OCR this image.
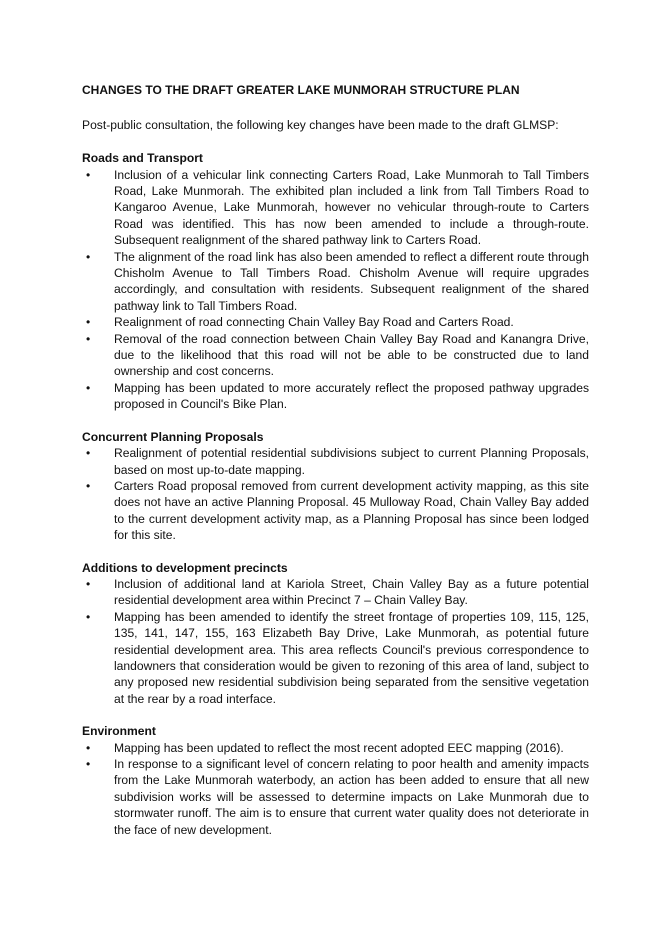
CHANGES TO THE DRAFT GREATER LAKE MUNMORAH STRUCTURE PLAN

Post-public consultation, the following key changes have been made to the draft GLMSP:

Roads and Transport
• Inclusion of a vehicular link connecting Carters Road, Lake Munmorah to Tall Timbers Road, Lake Munmorah. The exhibited plan included a link from Tall Timbers Road to Kangaroo Avenue, Lake Munmorah, however no vehicular through-route to Carters Road was identified. This has now been amended to include a through-route. Subsequent realignment of the shared pathway link to Carters Road.
• The alignment of the road link has also been amended to reflect a different route through Chisholm Avenue to Tall Timbers Road. Chisholm Avenue will require upgrades accordingly, and consultation with residents. Subsequent realignment of the shared pathway link to Tall Timbers Road.
• Realignment of road connecting Chain Valley Bay Road and Carters Road.
• Removal of the road connection between Chain Valley Bay Road and Kanangra Drive, due to the likelihood that this road will not be able to be constructed due to land ownership and cost concerns.
• Mapping has been updated to more accurately reflect the proposed pathway upgrades proposed in Council's Bike Plan.
Concurrent Planning Proposals
• Realignment of potential residential subdivisions subject to current Planning Proposals, based on most up-to-date mapping.
• Carters Road proposal removed from current development activity mapping, as this site does not have an active Planning Proposal. 45 Mulloway Road, Chain Valley Bay added to the current development activity map, as a Planning Proposal has since been lodged for this site.
Additions to development precincts
• Inclusion of additional land at Kariola Street, Chain Valley Bay as a future potential residential development area within Precinct 7 – Chain Valley Bay.
• Mapping has been amended to identify the street frontage of properties 109, 115, 125, 135, 141, 147, 155, 163 Elizabeth Bay Drive, Lake Munmorah, as potential future residential development area. This area reflects Council's previous correspondence to landowners that consideration would be given to rezoning of this area of land, subject to any proposed new residential subdivision being separated from the sensitive vegetation at the rear by a road interface.
Environment
• Mapping has been updated to reflect the most recent adopted EEC mapping (2016).
• In response to a significant level of concern relating to poor health and amenity impacts from the Lake Munmorah waterbody, an action has been added to ensure that all new subdivision works will be assessed to determine impacts on Lake Munmorah due to stormwater runoff. The aim is to ensure that current water quality does not deteriorate in the face of new development.
